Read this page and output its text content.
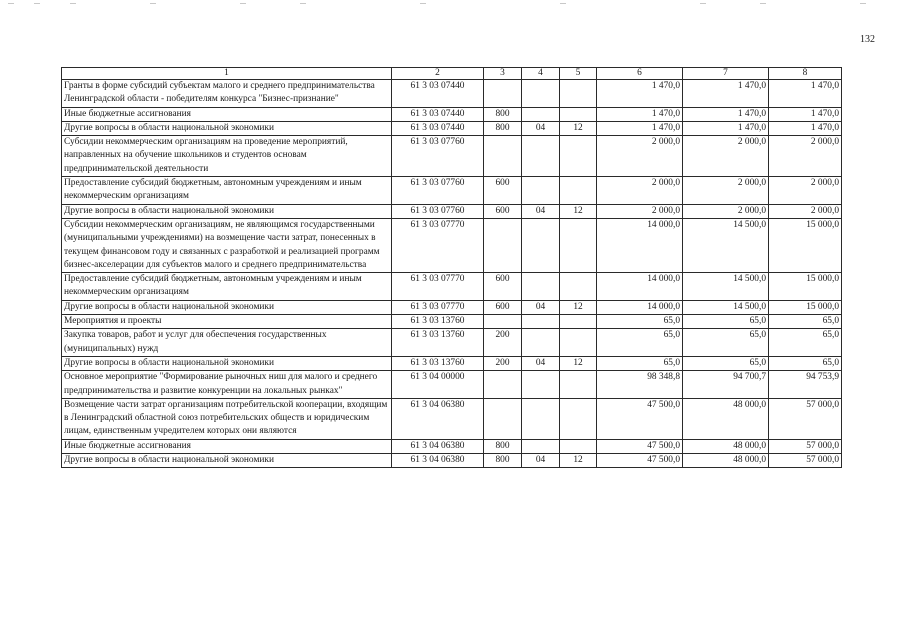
132
1	2	3	4	5	6	7	8
Гранты в форме субсидий субъектам малого и среднего предпринимательства Ленинградской области - победителям конкурса "Бизнес-признание"	61 3 03 07440				1 470,0	1 470,0	1 470,0
Иные бюджетные ассигнования	61 3 03 07440	800			1 470,0	1 470,0	1 470,0
Другие вопросы в области национальной экономики	61 3 03 07440	800	04	12	1 470,0	1 470,0	1 470,0
Субсидии некоммерческим организациям на проведение мероприятий, направленных на обучение школьников и студентов основам предпринимательской деятельности	61 3 03 07760				2 000,0	2 000,0	2 000,0
Предоставление субсидий бюджетным, автономным учреждениям и иным некоммерческим организациям	61 3 03 07760	600			2 000,0	2 000,0	2 000,0
Другие вопросы в области национальной экономики	61 3 03 07760	600	04	12	2 000,0	2 000,0	2 000,0
Субсидии некоммерческим организациям, не являющимся государственными (муниципальными учреждениями) на возмещение части затрат, понесенных в текущем финансовом году и связанных с разработкой и реализацией программ бизнес-акселерации для субъектов малого и среднего предпринимательства	61 3 03 07770				14 000,0	14 500,0	15 000,0
Предоставление субсидий бюджетным, автономным учреждениям и иным некоммерческим организациям	61 3 03 07770	600			14 000,0	14 500,0	15 000,0
Другие вопросы в области национальной экономики	61 3 03 07770	600	04	12	14 000,0	14 500,0	15 000,0
Мероприятия и проекты	61 3 03 13760				65,0	65,0	65,0
Закупка товаров, работ и услуг для обеспечения государственных (муниципальных) нужд	61 3 03 13760	200			65,0	65,0	65,0
Другие вопросы в области национальной экономики	61 3 03 13760	200	04	12	65,0	65,0	65,0
Основное мероприятие "Формирование рыночных ниш для малого и среднего предпринимательства и развитие конкуренции на локальных рынках"	61 3 04 00000				98 348,8	94 700,7	94 753,9
Возмещение части затрат организациям потребительской кооперации, входящим в Ленинградский областной союз потребительских обществ и юридическим лицам, единственным учредителем которых они являются	61 3 04 06380				47 500,0	48 000,0	57 000,0
Иные бюджетные ассигнования	61 3 04 06380	800			47 500,0	48 000,0	57 000,0
Другие вопросы в области национальной экономики	61 3 04 06380	800	04	12	47 500,0	48 000,0	57 000,0
